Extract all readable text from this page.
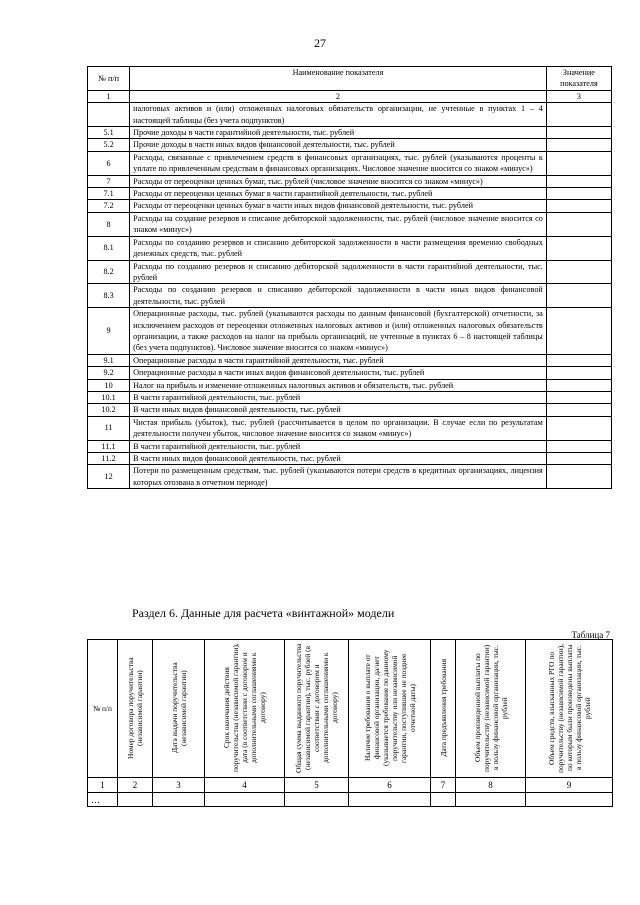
27
№ п/п	Наименование показателя	Значение показателя
1	2	3
	налоговых активов и (или) отложенных налоговых обязательств организации, не учтенные в пунктах 1 – 4 настоящей таблицы (без учета подпунктов)	
5.1	Прочие доходы в части гарантийной деятельности, тыс. рублей	
5.2	Прочие доходы в части иных видов финансовой деятельности, тыс. рублей	
6	Расходы, связанные с привлечением средств в финансовых организациях, тыс. рублей (указываются проценты к уплате по привлеченным средствам в финансовых организациях. Числовое значение вносится со знаком «минус»)	
7	Расходы от переоценки ценных бумаг, тыс. рублей (числовое значение вносится со знаком «минус»)	
7.1	Расходы от переоценки ценных бумаг в части гарантийной деятельности, тыс. рублей	
7.2	Расходы от переоценки ценных бумаг в части иных видов финансовой деятельности, тыс. рублей	
8	Расходы на создание резервов и списание дебиторской задолженности, тыс. рублей (числовое значение вносится со знаком «минус»)	
8.1	Расходы по созданию резервов и списанию дебиторской задолженности в части размещения временно свободных денежных средств, тыс. рублей	
8.2	Расходы по созданию резервов и списанию дебиторской задолженности в части гарантийной деятельности, тыс. рублей	
8.3	Расходы по созданию резервов и списанию дебиторской задолженности в части иных видов финансовой деятельности, тыс. рублей	
9	Операционные расходы, тыс. рублей (указываются расходы по данным финансовой (бухгалтерской) отчетности, за исключением расходов от переоценки отложенных налоговых активов и (или) отложенных налоговых обязательств организации, а также расходов на налог на прибыль организаций, не учтенные в пунктах 6 – 8 настоящей таблицы (без учета подпунктов). Числовое значение вносится со знаком «минус»)	
9.1	Операционные расходы в части гарантийной деятельности, тыс. рублей	
9.2	Операционные расходы в части иных видов финансовой деятельности, тыс. рублей	
10	Налог на прибыль и изменение отложенных налоговых активов и обязательств, тыс. рублей	
10.1	В части гарантийной деятельности, тыс. рублей	
10.2	В части иных видов финансовой деятельности, тыс. рублей	
11	Чистая прибыль (убыток), тыс. рублей (рассчитывается в целом по организации. В случае если по результатам деятельности получен убыток, числовое значение вносится со знаком «минус»)	
11.1	В части гарантийной деятельности, тыс. рублей	
11.2	В части иных видов финансовой деятельности, тыс. рублей	
12	Потери по размещенным средствам, тыс. рублей (указываются потери средств в кредитных организациях, лицензия которых отозвана в отчетном периоде)	
Раздел 6. Данные для расчета «винтажной» модели
Таблица 7
№ п/п	Номер договора поручительства (независимой гарантии)	Дата выдачи поручительства (независимой гарантии)	Срок окончания действия поручительства (независимой гарантии), дата (в соответствии с договором и дополнительными соглашениями к договору)	Общая сумма выданного поручительства (независимой гарантии), тыс. рублей (в соответствии с договором и дополнительными соглашениями к договору)	Наличие требования о выплате от финансовой организации, да/нет (указывается требование по данному поручительству или независимой гарантии, поступившее не позднее отчетной даты)	Дата предъявления требования	Объем произведенной выплаты по поручительству (независимой гарантии) в пользу финансовой организации, тыс. рублей	Объем средств, взысканных РГО по поручительству (независимой гарантии), по которым были произведены выплаты в пользу финансовой организации, тыс. рублей
1	2	3	4	5	6	7	8	9
…								
